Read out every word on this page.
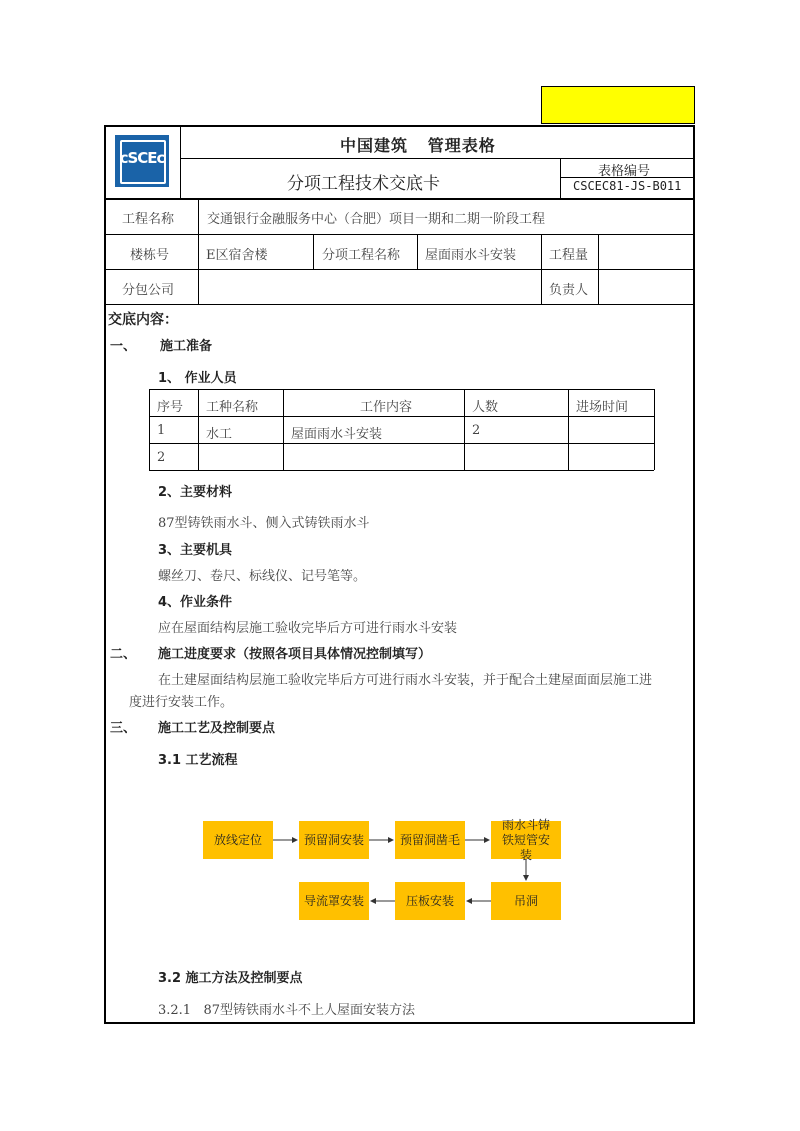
cSCEc
中国建筑   管理表格
分项工程技术交底卡
表格编号
CSCEC81-JS-B011
工程名称	交通银行金融服务中心（合肥）项目一期和二期一阶段工程
楼栋号	E区宿舍楼	分项工程名称 屋面雨水斗安装	工程量
分包公司	负责人
交底内容：
一、 施工准备
1、 作业人员
序号 工种名称	工作内容	人数	进场时间
1	水工	屋面雨水斗安装	2
2
2、主要材料
87型铸铁雨水斗、侧入式铸铁雨水斗
3、主要机具
螺丝刀、卷尺、标线仪、记号笔等。
4、作业条件
应在屋面结构层施工验收完毕后方可进行雨水斗安装
二、 施工进度要求（按照各项目具体情况控制填写）
在土建屋面结构层施工验收完毕后方可进行雨水斗安装，并于配合土建屋面面层施工进
度进行安装工作。
三、 施工工艺及控制要点
3.1 工艺流程
放线定位	预留洞安装	预留洞凿毛
雨水斗铸铁短管安装
吊洞
压板安装
导流罩安装
3.2 施工方法及控制要点
3.2.1   87型铸铁雨水斗不上人屋面安装方法
